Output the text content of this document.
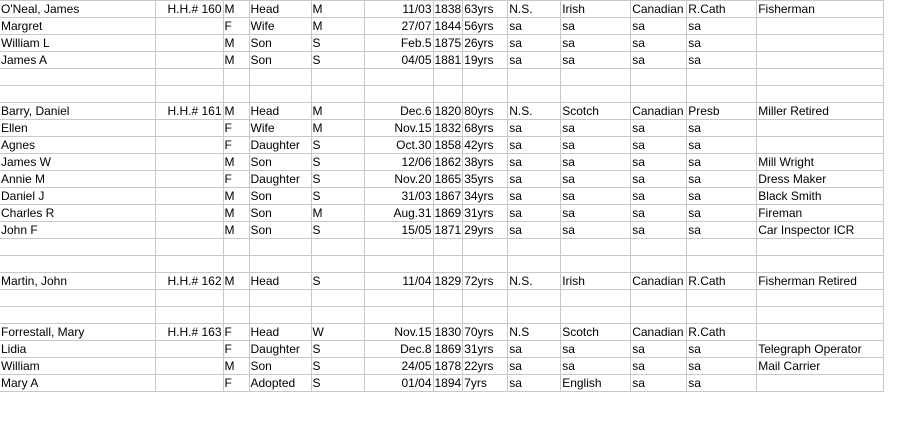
O'Neal, James	H.H.# 160	M	Head	M	11/03	1838	63yrs	N.S.	Irish	Canadian	R.Cath	Fisherman
Margret		F	Wife	M	27/07	1844	56yrs	sa	sa	sa	sa	
William L		M	Son	S	Feb.5	1875	26yrs	sa	sa	sa	sa	
James A		M	Son	S	04/05	1881	19yrs	sa	sa	sa	sa	

Barry, Daniel	H.H.# 161	M	Head	M	Dec.6	1820	80yrs	N.S.	Scotch	Canadian	Presb	Miller Retired
Ellen		F	Wife	M	Nov.15	1832	68yrs	sa	sa	sa	sa	
Agnes		F	Daughter	S	Oct.30	1858	42yrs	sa	sa	sa	sa	
James W		M	Son	S	12/06	1862	38yrs	sa	sa	sa	sa	Mill Wright
Annie M		F	Daughter	S	Nov.20	1865	35yrs	sa	sa	sa	sa	Dress Maker
Daniel J		M	Son	S	31/03	1867	34yrs	sa	sa	sa	sa	Black Smith
Charles R		M	Son	M	Aug.31	1869	31yrs	sa	sa	sa	sa	Fireman
John F		M	Son	S	15/05	1871	29yrs	sa	sa	sa	sa	Car Inspector ICR

Martin, John	H.H.# 162	M	Head	S	11/04	1829	72yrs	N.S.	Irish	Canadian	R.Cath	Fisherman Retired

Forrestall, Mary	H.H.# 163	F	Head	W	Nov.15	1830	70yrs	N.S	Scotch	Canadian	R.Cath	
Lidia		F	Daughter	S	Dec.8	1869	31yrs	sa	sa	sa	sa	Telegraph Operator
William		M	Son	S	24/05	1878	22yrs	sa	sa	sa	sa	Mail Carrier
Mary A		F	Adopted	S	01/04	1894	7yrs	sa	English	sa	sa	
